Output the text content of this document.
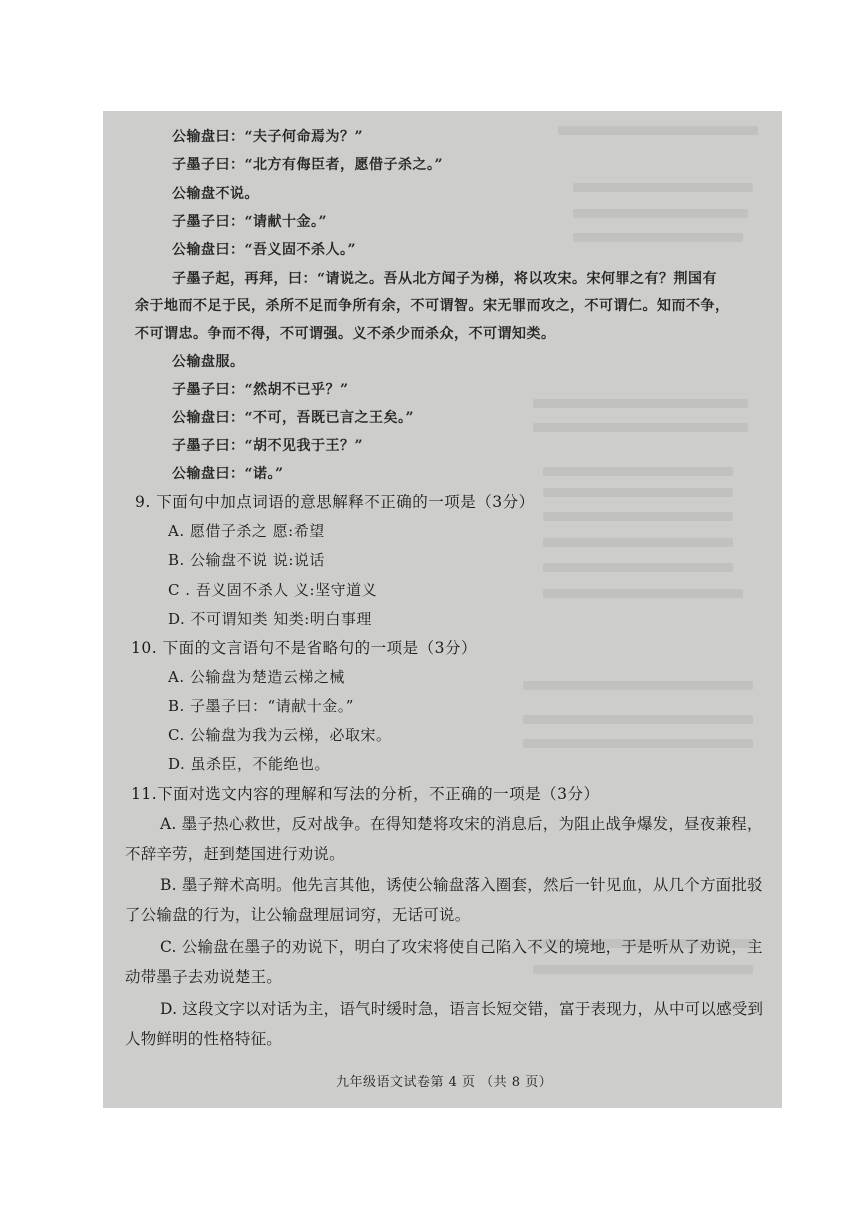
公输盘曰：“夫子何命焉为？”
子墨子曰：“北方有侮臣者，愿借子杀之。”
公输盘不说。
子墨子曰：“请献十金。”
公输盘曰：“吾义固不杀人。”
子墨子起，再拜，曰：“请说之。吾从北方闻子为梯，将以攻宋。宋何罪之有？荆国有
余于地而不足于民，杀所不足而争所有余，不可谓智。宋无罪而攻之，不可谓仁。知而不争，
不可谓忠。争而不得，不可谓强。义不杀少而杀众，不可谓知类。
公输盘服。
子墨子曰：“然胡不已乎？”
公输盘曰：“不可，吾既已言之王矣。”
子墨子曰：“胡不见我于王？”
公输盘曰：“诺。”
9. 下面句中加点词语的意思解释不正确的一项是（3分）
A. 愿借子杀之 愿:希望
B. 公输盘不说 说:说话
C . 吾义固不杀人 义:坚守道义
D. 不可谓知类 知类:明白事理
10. 下面的文言语句不是省略句的一项是（3分）
A. 公输盘为楚造云梯之械
B. 子墨子曰：“请献十金。”
C. 公输盘为我为云梯，必取宋。
D. 虽杀臣，不能绝也。
11.下面对选文内容的理解和写法的分析，不正确的一项是（3分）
A. 墨子热心救世，反对战争。在得知楚将攻宋的消息后，为阻止战争爆发，昼夜兼程，
不辞辛劳，赶到楚国进行劝说。
B. 墨子辩术高明。他先言其他，诱使公输盘落入圈套，然后一针见血，从几个方面批驳
了公输盘的行为，让公输盘理屈词穷，无话可说。
C. 公输盘在墨子的劝说下，明白了攻宋将使自己陷入不义的境地，于是听从了劝说，主
动带墨子去劝说楚王。
D. 这段文字以对话为主，语气时缓时急，语言长短交错，富于表现力，从中可以感受到
人物鲜明的性格特征。
九年级语文试卷第 4 页 （共 8 页）
